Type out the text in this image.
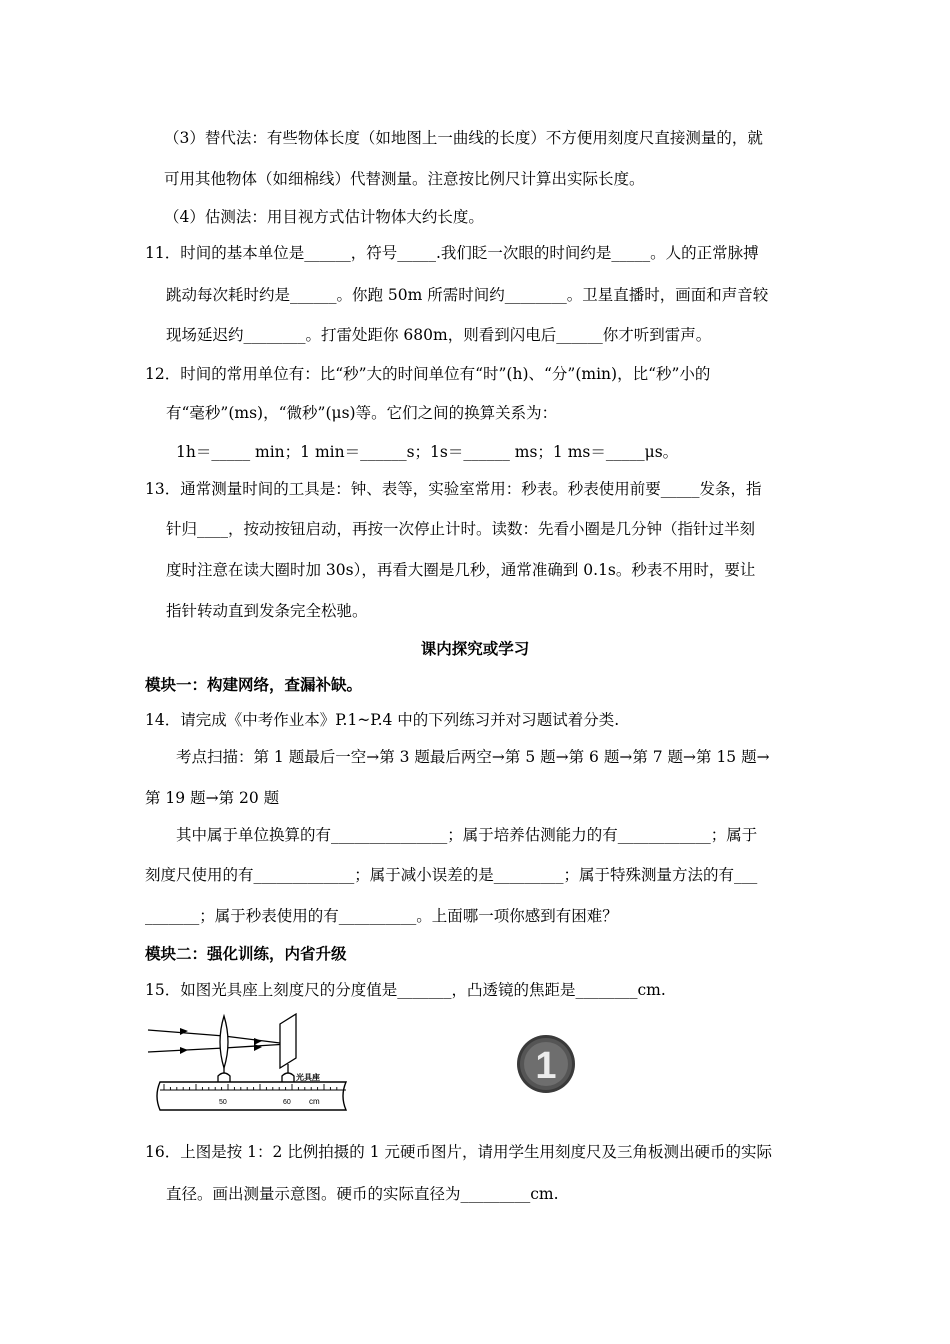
（3）替代法：有些物体长度（如地图上一曲线的长度）不方便用刻度尺直接测量的，就
可用其他物体（如细棉线）代替测量。注意按比例尺计算出实际长度。
（4）估测法：用目视方式估计物体大约长度。
11．时间的基本单位是______，符号_____.我们眨一次眼的时间约是_____。人的正常脉搏
跳动每次耗时约是______。你跑 50m 所需时间约________。卫星直播时，画面和声音较
现场延迟约________。打雷处距你 680m，则看到闪电后______你才听到雷声。
12．时间的常用单位有：比“秒”大的时间单位有“时”(h)、“分”(min)，比“秒”小的
有“毫秒”(ms)，“微秒”(μs)等。它们之间的换算关系为：
1h＝_____ min；1 min＝______s；1s＝______ ms；1 ms＝_____μs。
13．通常测量时间的工具是：钟、表等，实验室常用：秒表。秒表使用前要_____发条，指
针归____，按动按钮启动，再按一次停止计时。读数：先看小圈是几分钟（指针过半刻
度时注意在读大圈时加 30s），再看大圈是几秒，通常准确到 0.1s。秒表不用时，要让
指针转动直到发条完全松驰。
课内探究或学习
模块一：构建网络，查漏补缺。
14．请完成《中考作业本》P.1~P.4 中的下列练习并对习题试着分类.
考点扫描：第 1 题最后一空→第 3 题最后两空→第 5 题→第 6 题→第 7 题→第 15 题→
第 19 题→第 20 题
其中属于单位换算的有_______________；属于培养估测能力的有____________；属于
刻度尺使用的有_____________；属于减小误差的是_________；属于特殊测量方法的有___
_______；属于秒表使用的有__________。上面哪一项你感到有困难？
模块二：强化训练，内省升级
15．如图光具座上刻度尺的分度值是_______，凸透镜的焦距是________cm.
光具座
50	60 cm
1
16．上图是按 1：2 比例拍摄的 1 元硬币图片，请用学生用刻度尺及三角板测出硬币的实际
直径。画出测量示意图。硬币的实际直径为_________cm.
